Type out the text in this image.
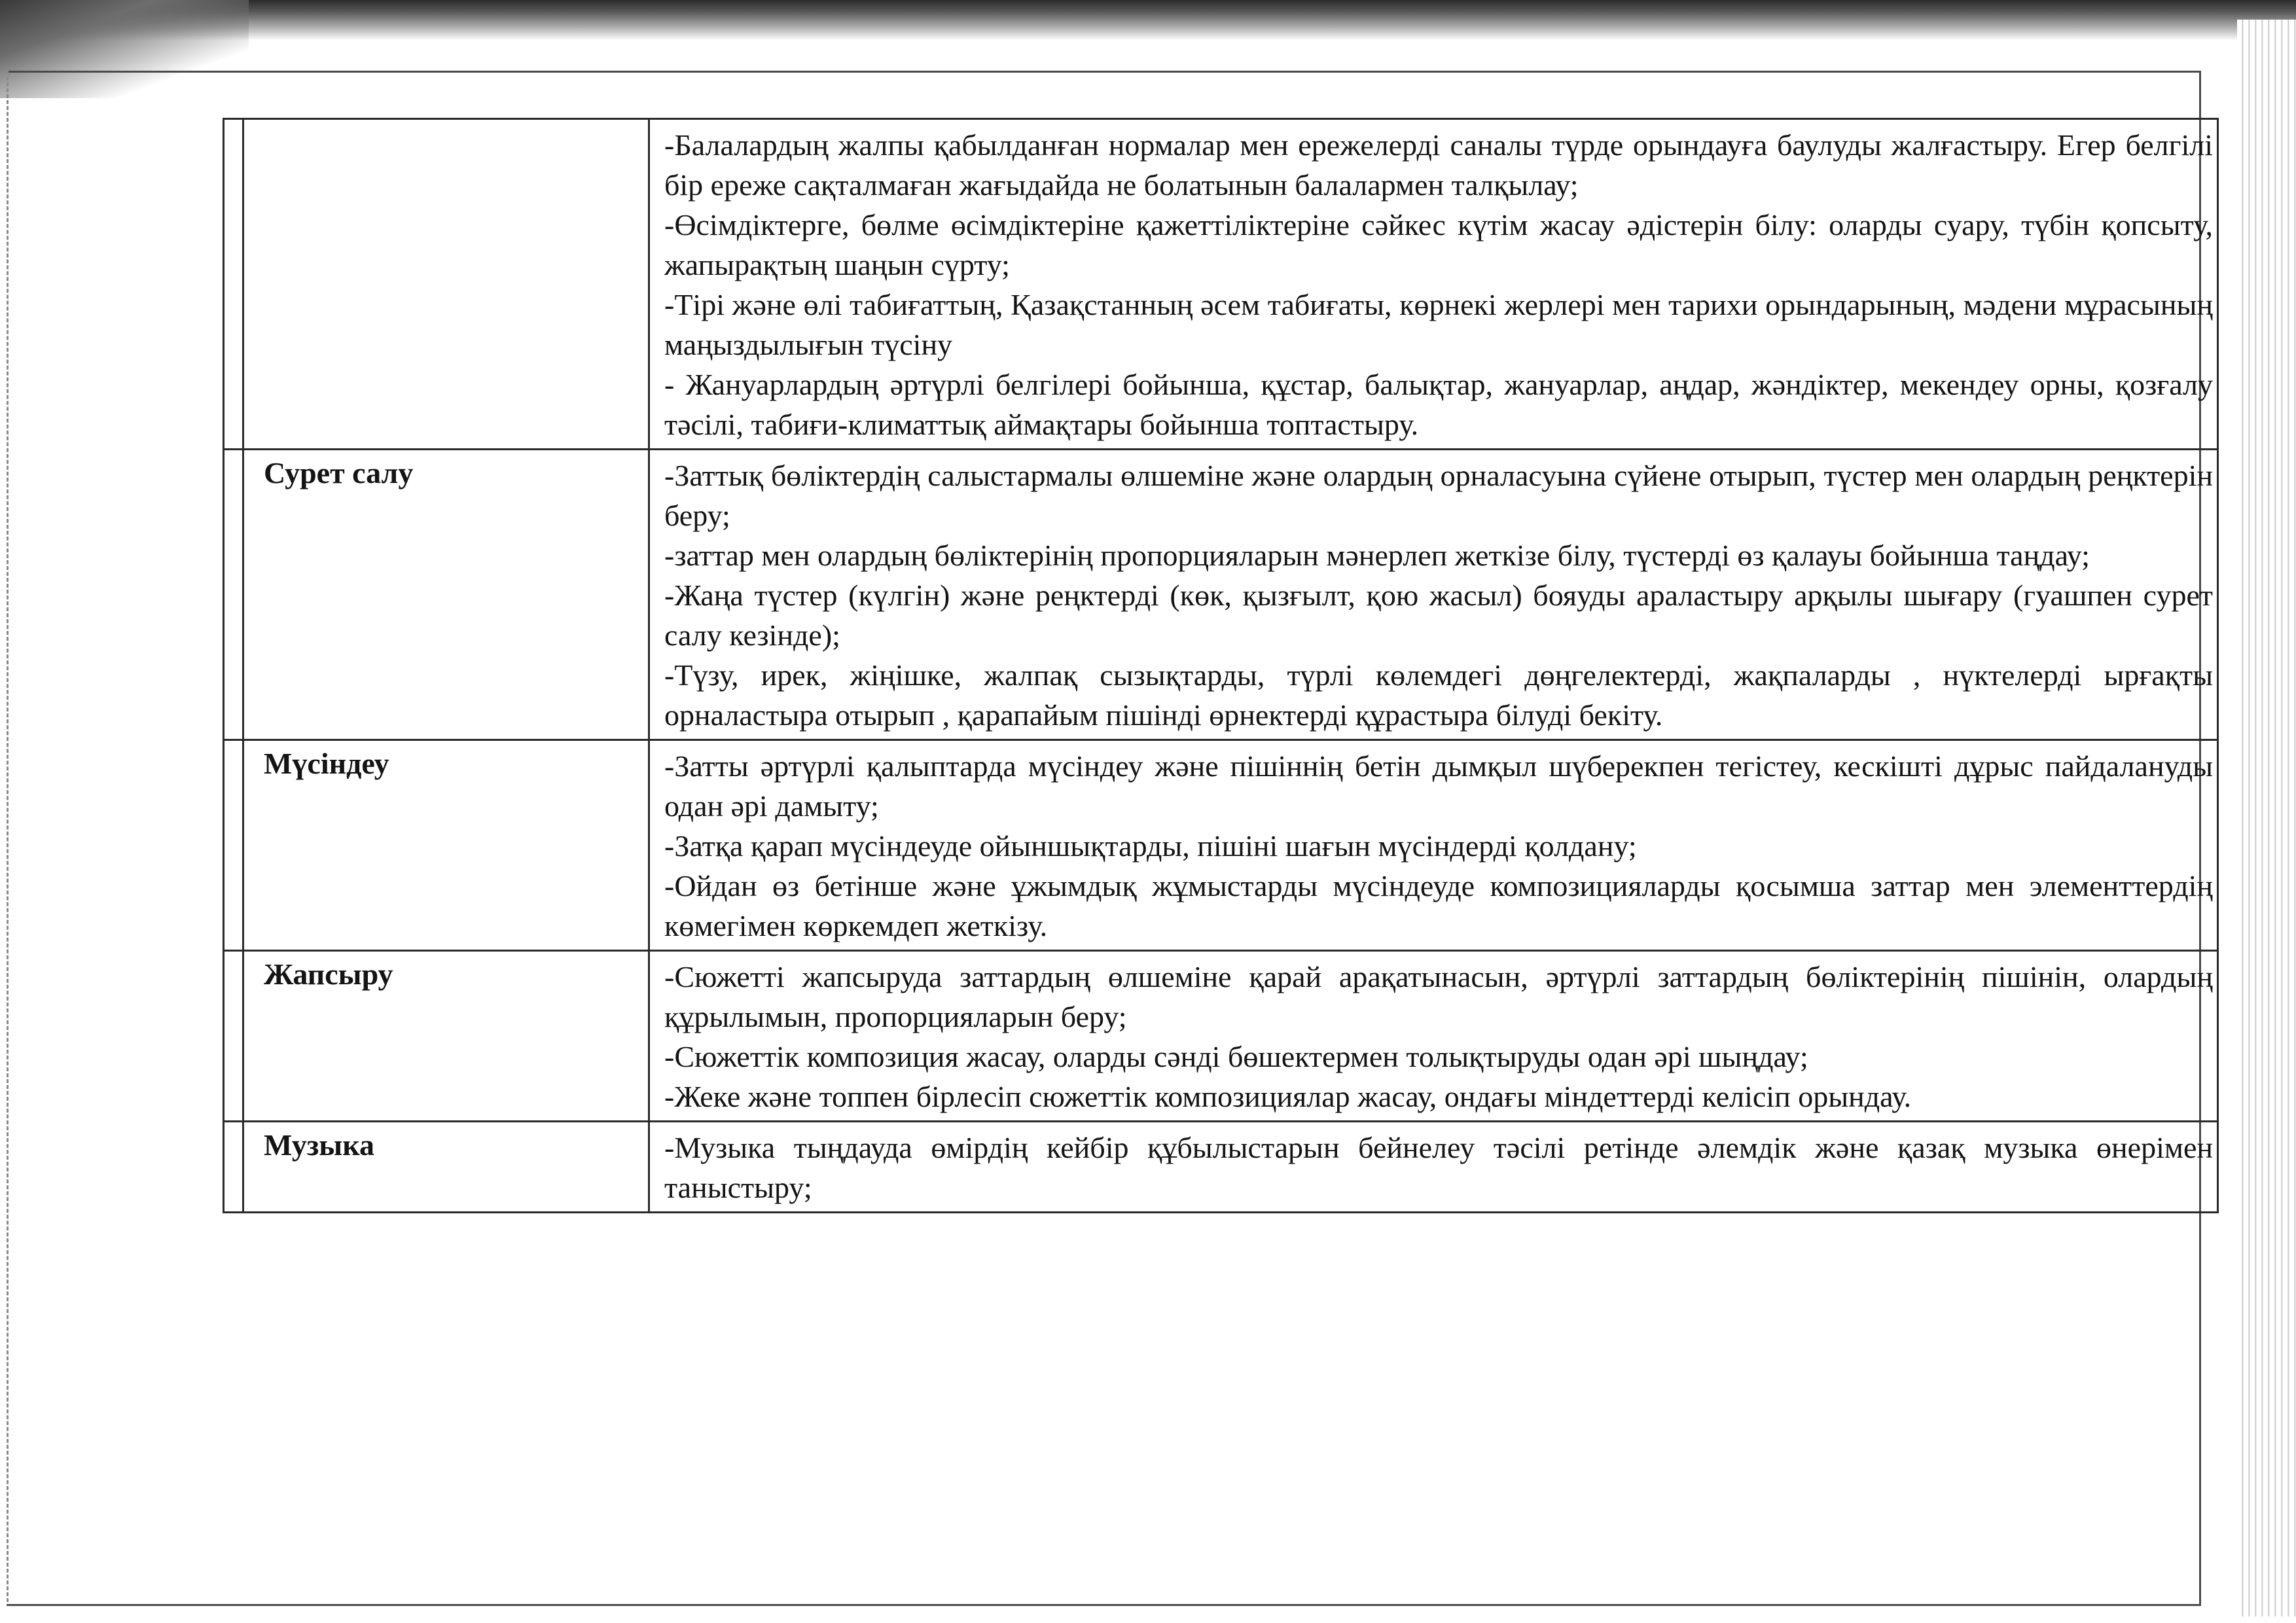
		-Балалардың жалпы қабылданған нормалар мен ережелерді саналы түрде орындауға баулуды жалғастыру. Егер белгілі бір ереже сақталмаған жағыдайда не болатынын балалармен талқылау;

-Өсімдіктерге, бөлме өсімдіктеріне қажеттіліктеріне сәйкес күтім жасау әдістерін білу: оларды суару, түбін қопсыту, жапырақтың шаңын сүрту;

-Тірі және өлі табиғаттың, Қазақстанның әсем табиғаты, көрнекі жерлері мен тарихи орындарының, мәдени мұрасының маңыздылығын түсіну

- Жануарлардың әртүрлі белгілері бойынша, құстар, балықтар, жануарлар, аңдар, жәндіктер, мекендеу орны, қозғалу тәсілі, табиғи-климаттық аймақтары бойынша топтастыру.

	Сурет салу	-Заттық бөліктердің салыстармалы өлшеміне және олардың орналасуына сүйене отырып, түстер мен олардың реңктерін беру;

-заттар мен олардың бөліктерінің пропорцияларын мәнерлеп жеткізе білу, түстерді өз қалауы бойынша таңдау;

-Жаңа түстер (күлгін) және реңктерді (көк, қызғылт, қою жасыл) бояуды араластыру арқылы шығару (гуашпен сурет салу кезінде);

-Түзу, ирек, жіңішке, жалпақ сызықтарды, түрлі көлемдегі дөңгелектерді, жақпаларды , нүктелерді ырғақты орналастыра отырып , қарапайым пішінді өрнектерді құрастыра білуді бекіту.

	Мүсіндеу	-Затты әртүрлі қалыптарда мүсіндеу және пішіннің бетін дымқыл шүберекпен тегістеу, кескішті дұрыс пайдалануды одан әрі дамыту;

-Затқа қарап мүсіндеуде ойыншықтарды, пішіні шағын мүсіндерді қолдану;

-Ойдан өз бетінше және ұжымдық жұмыстарды мүсіндеуде композицияларды қосымша заттар мен элементтердің көмегімен көркемдеп жеткізу.

	Жапсыру	-Сюжетті жапсыруда заттардың өлшеміне қарай арақатынасын, әртүрлі заттардың бөліктерінің пішінін, олардың құрылымын, пропорцияларын беру;

-Сюжеттік композиция жасау, оларды сәнді бөшектермен толықтыруды одан әрі шыңдау;

-Жеке және топпен бірлесіп сюжеттік композициялар жасау, ондағы міндеттерді келісіп орындау.

	Музыка	-Музыка тыңдауда өмірдің кейбір құбылыстарын бейнелеу тәсілі ретінде әлемдік және қазақ музыка өнерімен таныстыру;
